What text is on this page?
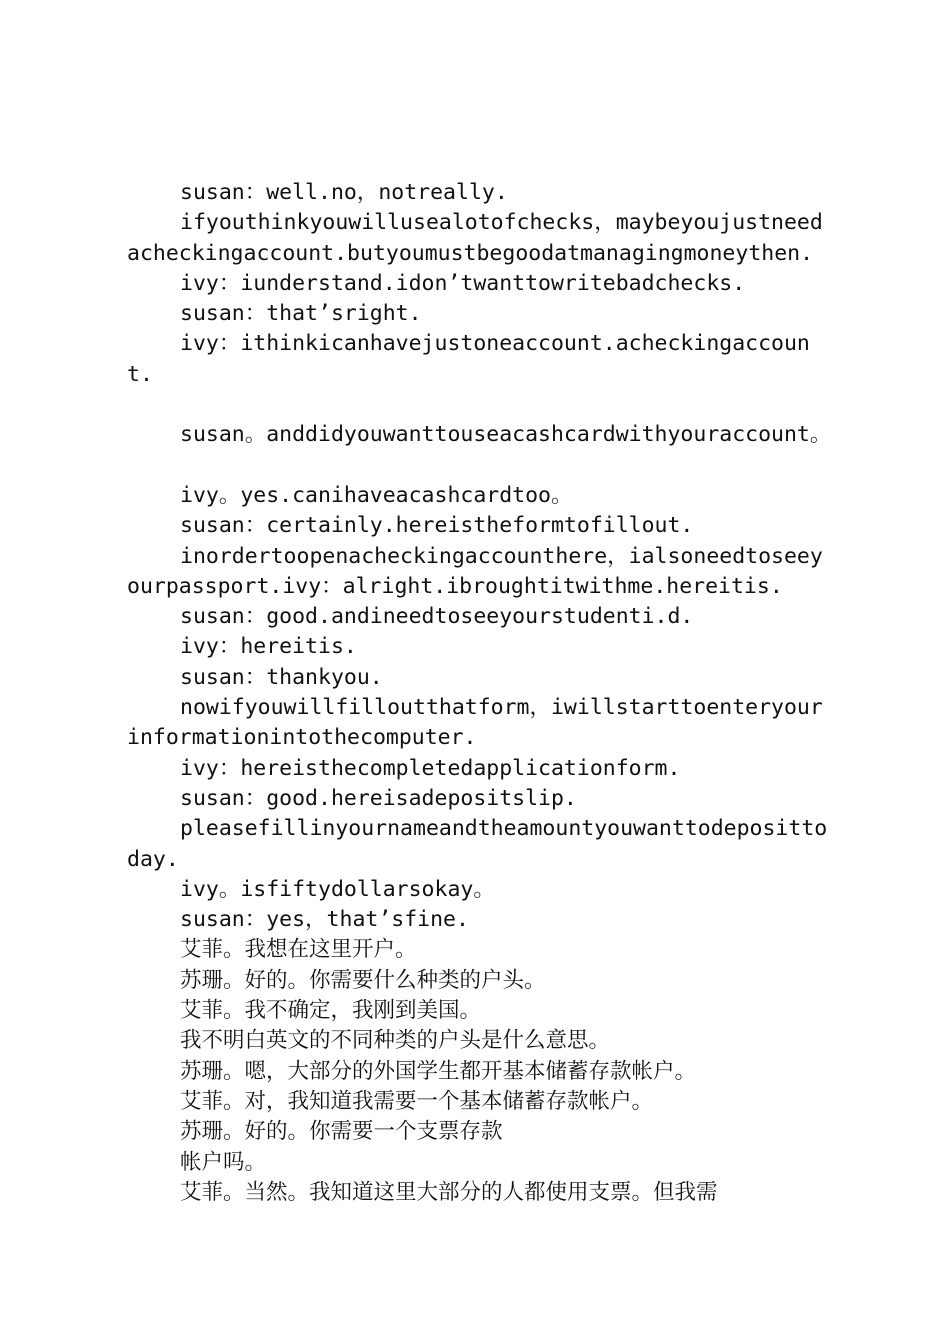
susan：well.no，notreally.

ifyouthinkyouwillusealotofchecks，maybeyoujustneedacheckingaccount.butyoumustbegoodatmanagingmoneythen.

ivy：iunderstand.idon’twanttowritebadchecks.

susan：that’sright.

ivy：ithinkicanhavejustoneaccount.acheckingaccount.

susan。anddidyouwanttouseacashcardwithyouraccount。

ivy。yes.canihaveacashcardtoo。

susan：certainly.hereistheformtofillout.

inordertoopenacheckingaccounthere，ialsoneedtoseeyourpassport.ivy：alright.ibroughtitwithme.hereitis.

susan：good.andineedtoseeyourstudenti.d.

ivy：hereitis.

susan：thankyou.

nowifyouwillfilloutthatform，iwillstarttoenteryourinformationintothecomputer.

ivy：hereisthecompletedapplicationform.

susan：good.hereisadepositslip.

pleasefillinyournameandtheamountyouwanttodeposittoday.

ivy。isfiftydollarsokay。

susan：yes，that’sfine.

艾菲。我想在这里开户。

苏珊。好的。你需要什么种类的户头。

艾菲。我不确定，我刚到美国。

我不明白英文的不同种类的户头是什么意思。

苏珊。嗯，大部分的外国学生都开基本储蓄存款帐户。

艾菲。对，我知道我需要一个基本储蓄存款帐户。

苏珊。好的。你需要一个支票存款

帐户吗。

艾菲。当然。我知道这里大部分的人都使用支票。但我需
